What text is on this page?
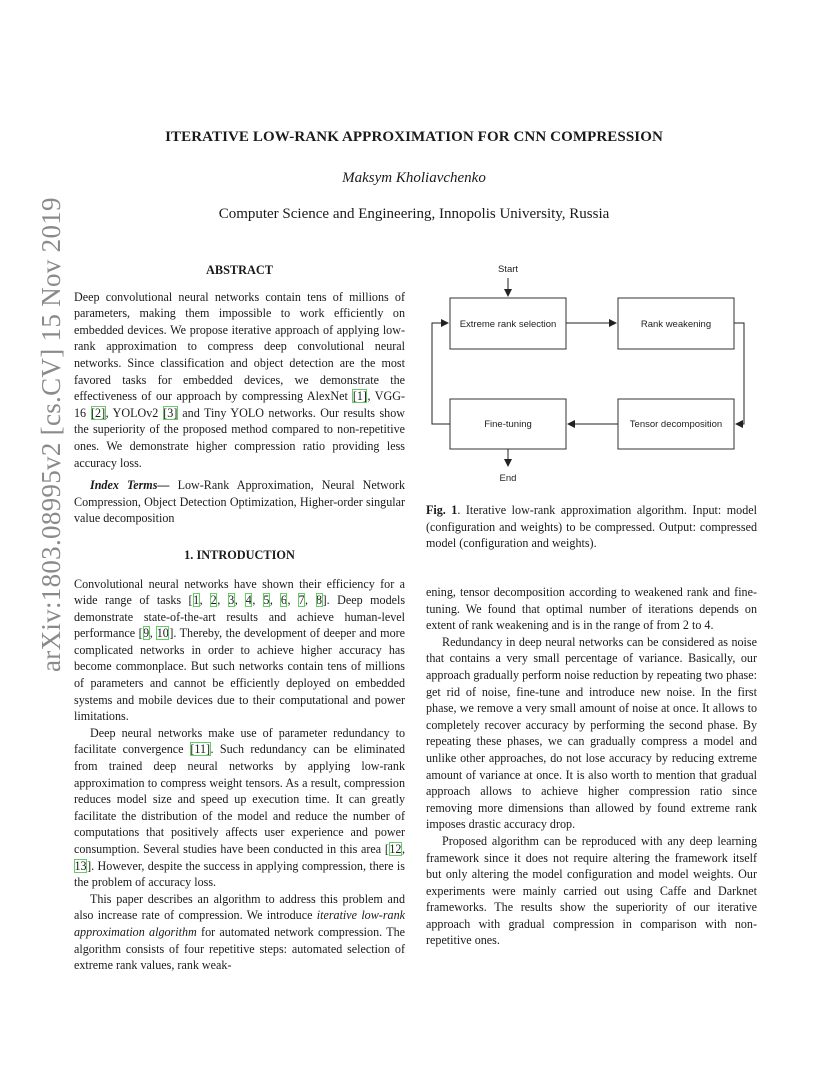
arXiv:1803.08995v2 [cs.CV] 15 Nov 2019
ITERATIVE LOW-RANK APPROXIMATION FOR CNN COMPRESSION
Maksym Kholiavchenko
Computer Science and Engineering, Innopolis University, Russia
ABSTRACT

Deep convolutional neural networks contain tens of millions of parameters, making them impossible to work efficiently on embedded devices. We propose iterative approach of applying low-rank approximation to compress deep convolutional neural networks. Since classification and object detection are the most favored tasks for embedded devices, we demonstrate the effectiveness of our approach by compressing AlexNet [1], VGG-16 [2], YOLOv2 [3] and Tiny YOLO networks. Our results show the superiority of the proposed method compared to non-repetitive ones. We demonstrate higher compression ratio providing less accuracy loss.

Index Terms— Low-Rank Approximation, Neural Network Compression, Object Detection Optimization, Higher-order singular value decomposition

1. INTRODUCTION

Convolutional neural networks have shown their efficiency for a wide range of tasks [1, 2, 3, 4, 5, 6, 7, 8]. Deep models demonstrate state-of-the-art results and achieve human-level performance [9, 10]. Thereby, the development of deeper and more complicated networks in order to achieve higher accuracy has become commonplace. But such networks contain tens of millions of parameters and cannot be efficiently deployed on embedded systems and mobile devices due to their computational and power limitations.

Deep neural networks make use of parameter redundancy to facilitate convergence [11]. Such redundancy can be eliminated from trained deep neural networks by applying low-rank approximation to compress weight tensors. As a result, compression reduces model size and speed up execution time. It can greatly facilitate the distribution of the model and reduce the number of computations that positively affects user experience and power consumption. Several studies have been conducted in this area [12, 13]. However, despite the success in applying compression, there is the problem of accuracy loss.

This paper describes an algorithm to address this problem and also increase rate of compression. We introduce iterative low-rank approximation algorithm for automated network compression. The algorithm consists of four repetitive steps: automated selection of extreme rank values, rank weak-

Start
Extreme rank selection	Rank weakening
Tensor decomposition
Fine-tuning
End
Fig. 1. Iterative low-rank approximation algorithm. Input: model (configuration and weights) to be compressed. Output: compressed model (configuration and weights).

ening, tensor decomposition according to weakened rank and fine-tuning. We found that optimal number of iterations depends on extent of rank weakening and is in the range of from 2 to 4.

Redundancy in deep neural networks can be considered as noise that contains a very small percentage of variance. Basically, our approach gradually perform noise reduction by repeating two phase: get rid of noise, fine-tune and introduce new noise. In the first phase, we remove a very small amount of noise at once. It allows to completely recover accuracy by performing the second phase. By repeating these phases, we can gradually compress a model and unlike other approaches, do not lose accuracy by reducing extreme amount of variance at once. It is also worth to mention that gradual approach allows to achieve higher compression ratio since removing more dimensions than allowed by found extreme rank imposes drastic accuracy drop.

Proposed algorithm can be reproduced with any deep learning framework since it does not require altering the framework itself but only altering the model configuration and model weights. Our experiments were mainly carried out using Caffe and Darknet frameworks. The results show the superiority of our iterative approach with gradual compression in comparison with non-repetitive ones.
